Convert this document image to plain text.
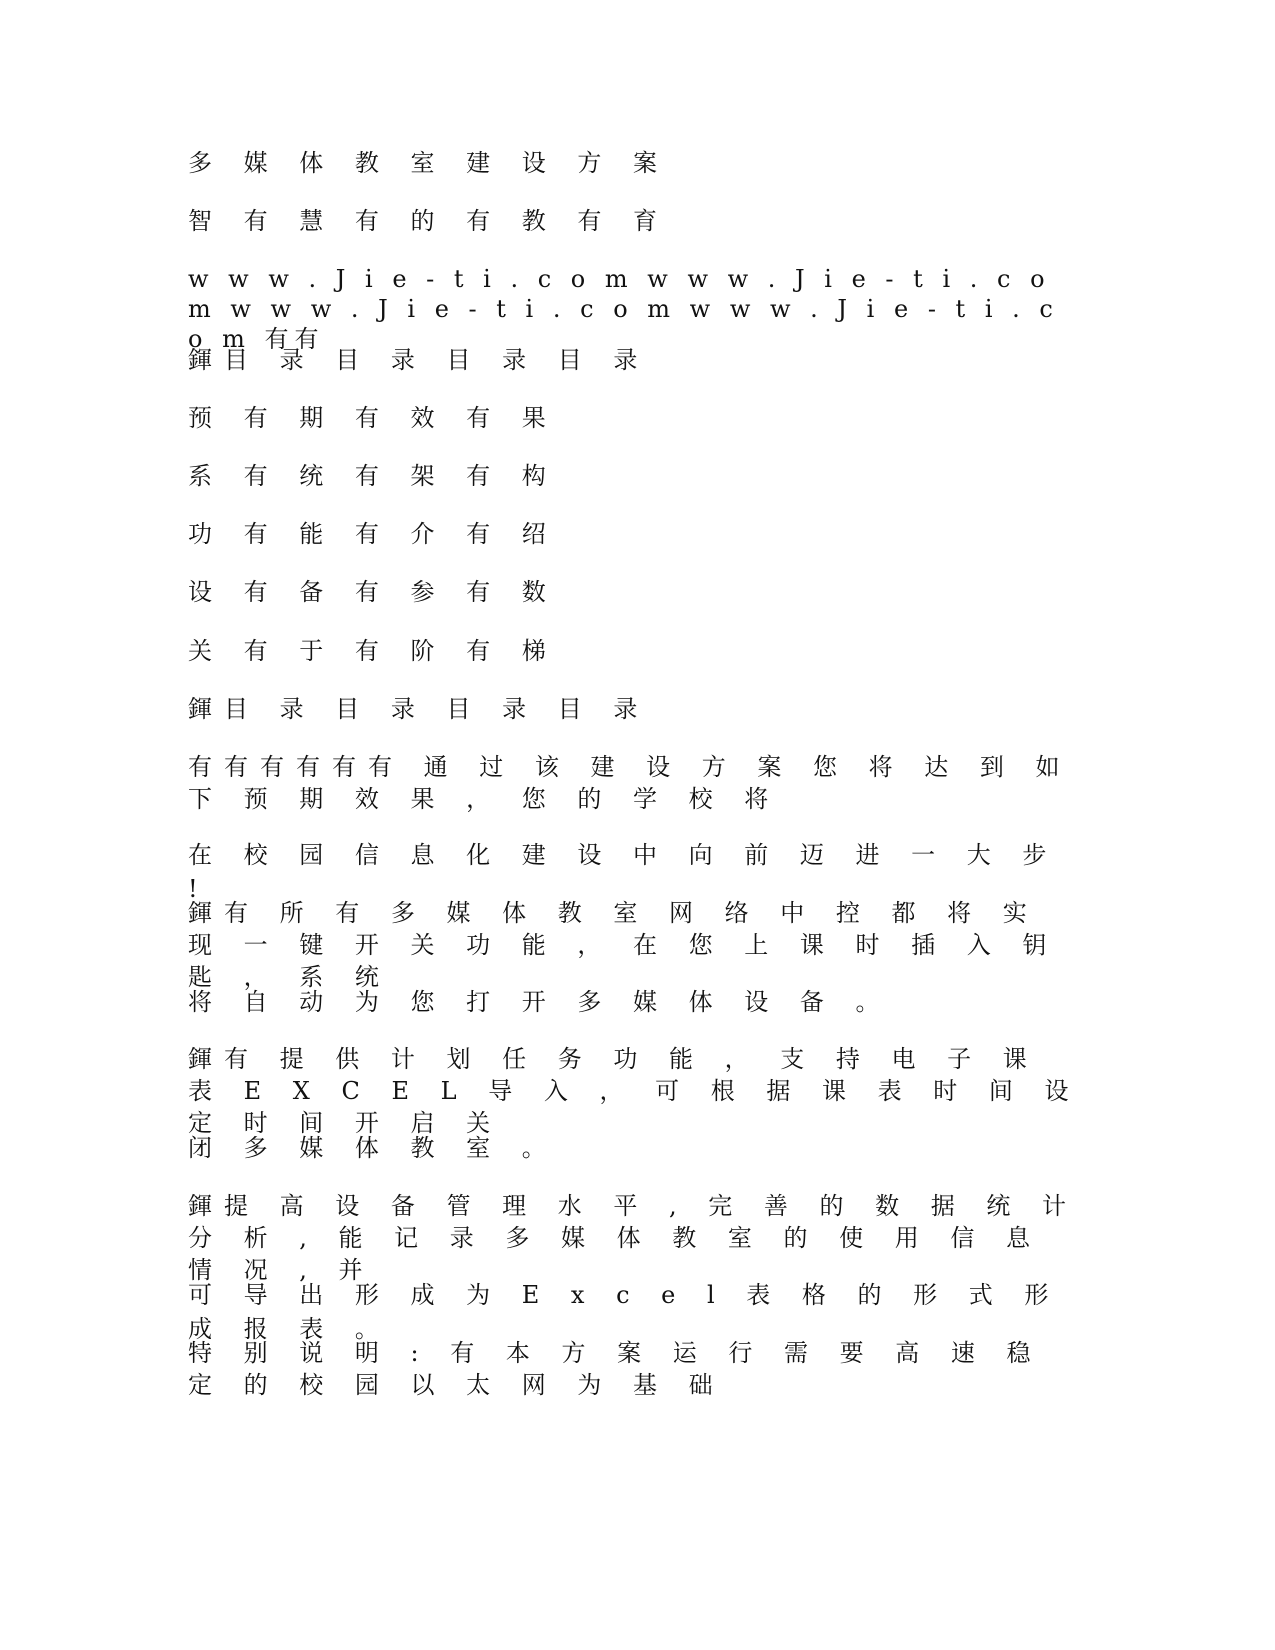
多 媒 体 教 室 建 设 方 案

智 有 慧 有 的 有 教 有 育

w w w . J i e - t i . c o m w w w . J i e - t i . c o m w w w . J i e - t i . c o m w w w . J i e - t i . c o m 有有

鍕目 录 目 录 目 录 目 录

预 有 期 有 效 有 果

系 有 统 有 架 有 构

功 有 能 有 介 有 绍

设 有 备 有 参 有 数

关 有 于 有 阶 有 梯

鍕目 录 目 录 目 录 目 录

有有有有有有 通 过 该 建 设 方 案 您 将 达 到 如 下 预 期 效 果 ， 您 的 学 校 将

在 校 园 信 息 化 建 设 中 向 前 迈 进 一 大 步 !

鍕有 所 有 多 媒 体 教 室 网 络 中 控 都 将 实 现 一 键 开 关 功 能 ， 在 您 上 课 时 插 入 钥 匙 ， 系 统

将 自 动 为 您 打 开 多 媒 体 设 备 。

鍕有 提 供 计 划 任 务 功 能 ， 支 持 电 子 课 表 E X C E L 导 入 ， 可 根 据 课 表 时 间 设 定 时 间 开 启 关

闭 多 媒 体 教 室 。

鍕提 高 设 备 管 理 水 平 , 完 善 的 数 据 统 计 分 析 , 能 记 录 多 媒 体 教 室 的 使 用 信 息 情 况 , 并

可 导 出 形 成 为 E x c e l 表 格 的 形 式 形 成 报 表 。

特 别 说 明 : 有 本 方 案 运 行 需 要 高 速 稳 定 的 校 园 以 太 网 为 基 础
